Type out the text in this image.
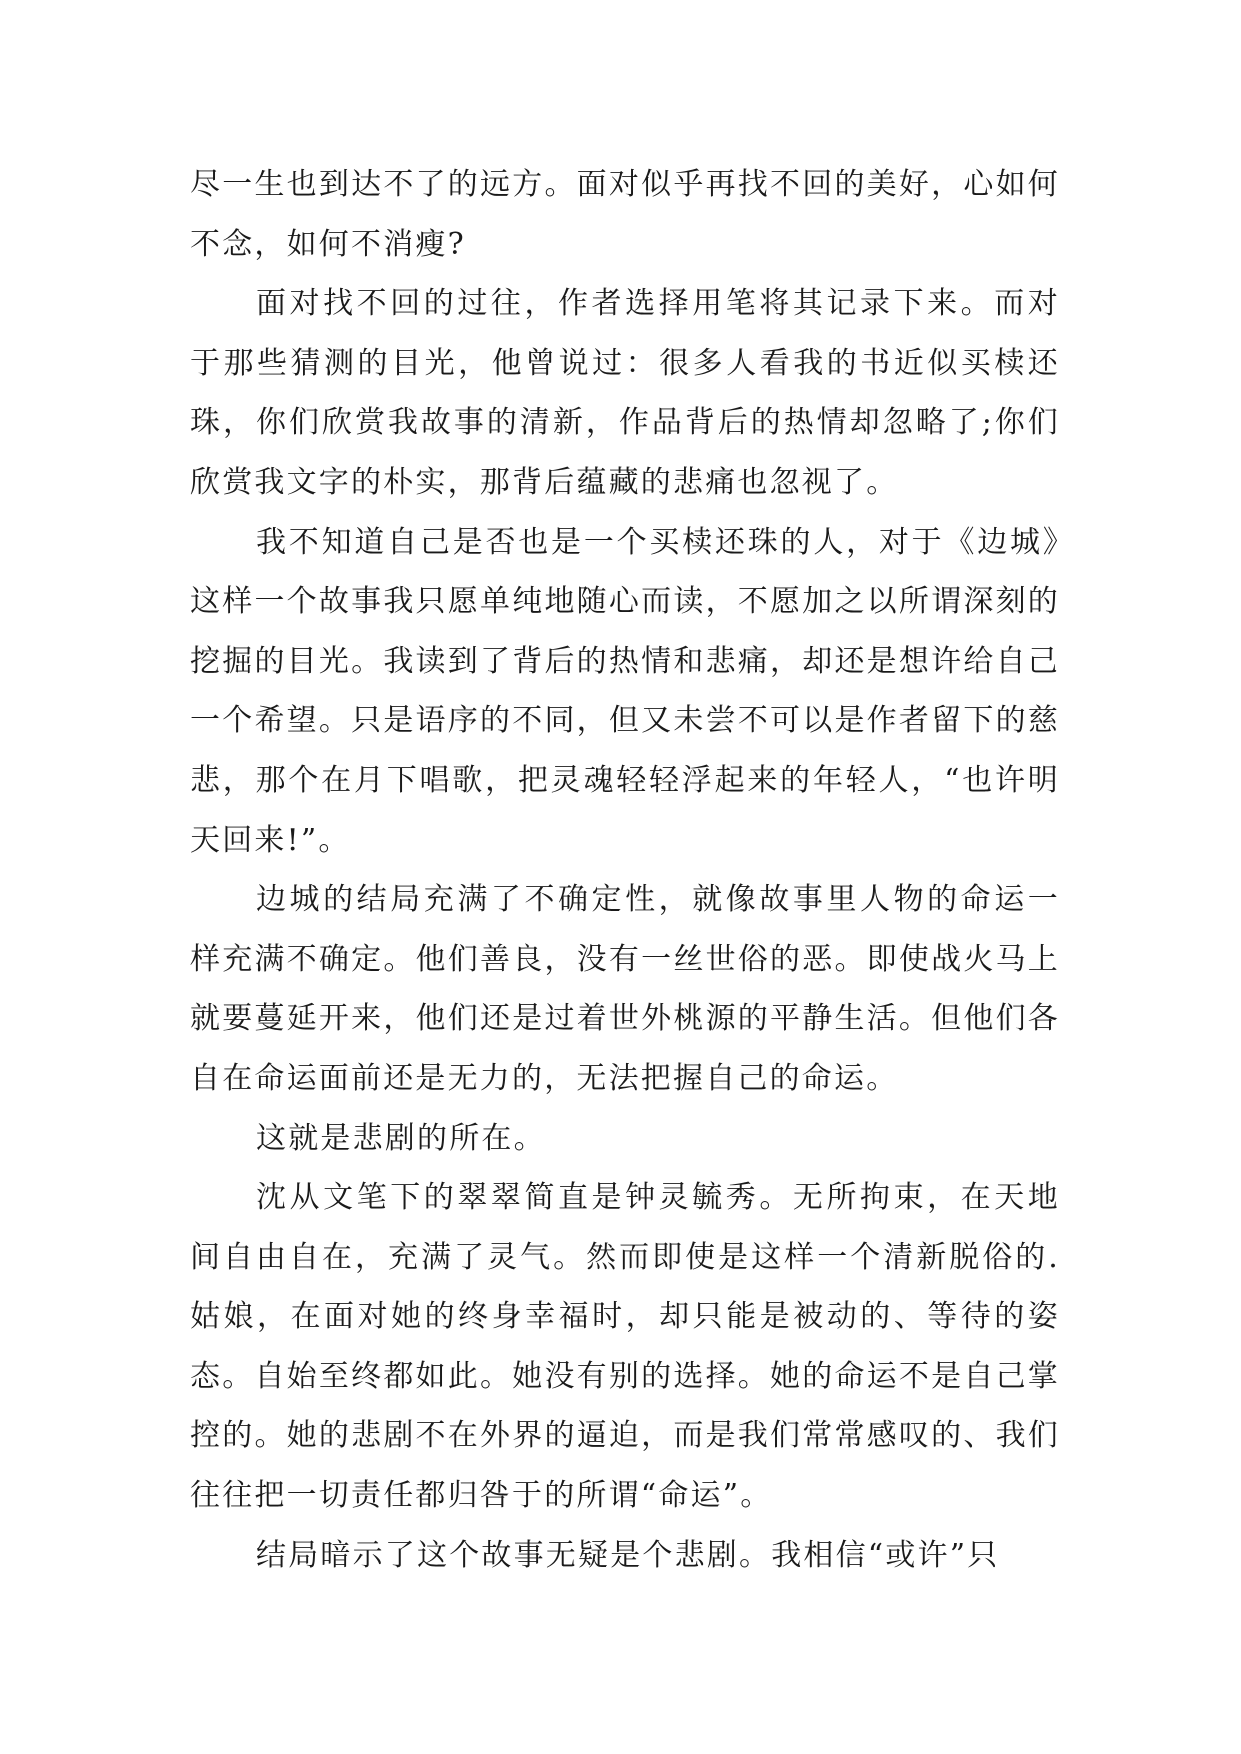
尽一生也到达不了的远方。面对似乎再找不回的美好，心如何不念，如何不消瘦?

面对找不回的过往，作者选择用笔将其记录下来。而对于那些猜测的目光，他曾说过：很多人看我的书近似买椟还珠，你们欣赏我故事的清新，作品背后的热情却忽略了;你们欣赏我文字的朴实，那背后蕴藏的悲痛也忽视了。

我不知道自己是否也是一个买椟还珠的人，对于《边城》这样一个故事我只愿单纯地随心而读，不愿加之以所谓深刻的挖掘的目光。我读到了背后的热情和悲痛，却还是想许给自己一个希望。只是语序的不同，但又未尝不可以是作者留下的慈悲，那个在月下唱歌，把灵魂轻轻浮起来的年轻人，“也许明天回来!”。

边城的结局充满了不确定性，就像故事里人物的命运一样充满不确定。他们善良，没有一丝世俗的恶。即使战火马上就要蔓延开来，他们还是过着世外桃源的平静生活。但他们各自在命运面前还是无力的，无法把握自己的命运。

这就是悲剧的所在。

沈从文笔下的翠翠简直是钟灵毓秀。无所拘束，在天地间自由自在，充满了灵气。然而即使是这样一个清新脱俗的.姑娘，在面对她的终身幸福时，却只能是被动的、等待的姿态。自始至终都如此。她没有别的选择。她的命运不是自己掌控的。她的悲剧不在外界的逼迫，而是我们常常感叹的、我们往往把一切责任都归咎于的所谓“命运”。

结局暗示了这个故事无疑是个悲剧。我相信“或许”只
